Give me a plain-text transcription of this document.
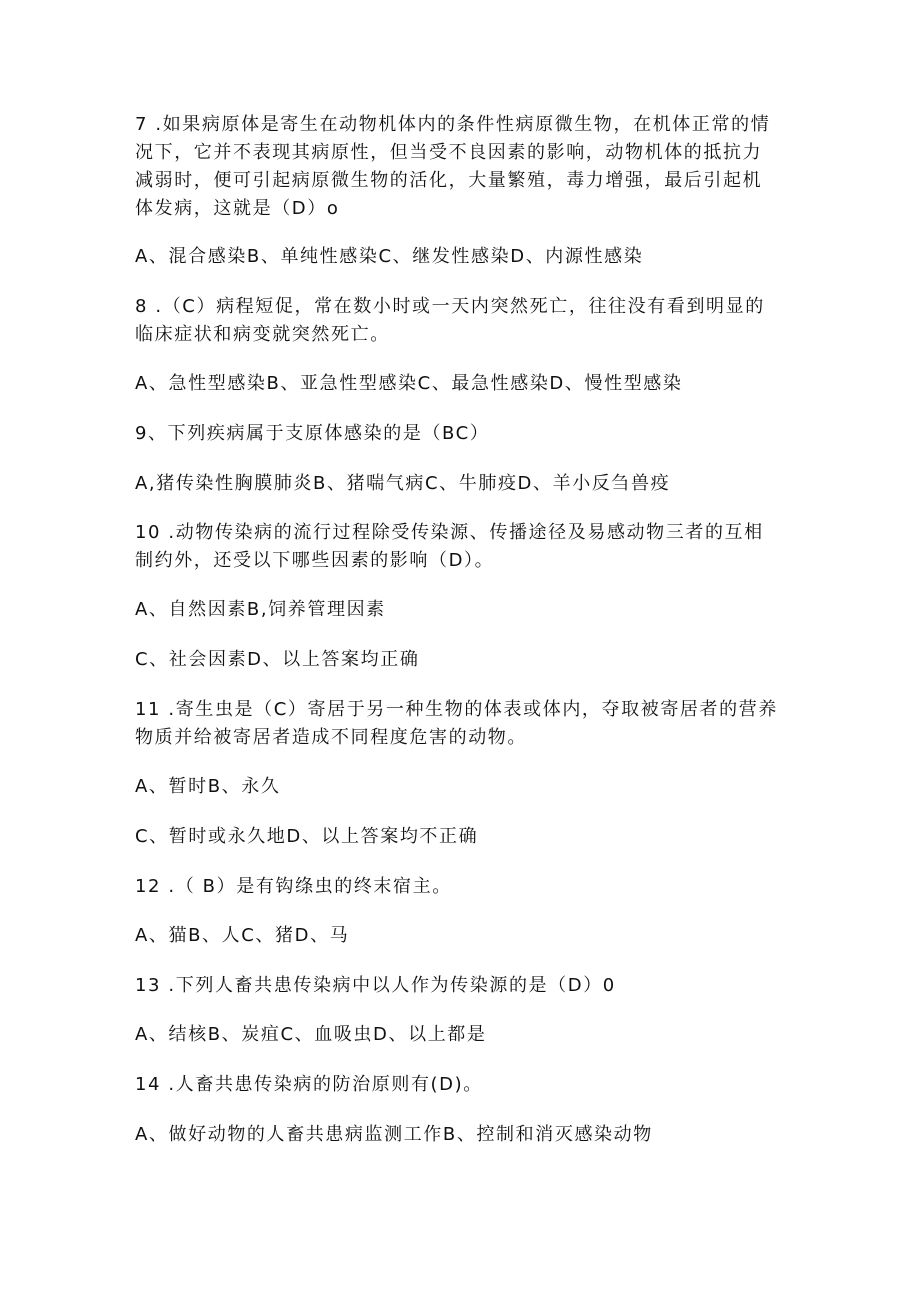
7 .如果病原体是寄生在动物机体内的条件性病原微生物，在机体正常的情
况下，它并不表现其病原性，但当受不良因素的影响，动物机体的抵抗力
减弱时，便可引起病原微生物的活化，大量繁殖，毒力增强，最后引起机
体发病，这就是（D）o
A、混合感染B、单纯性感染C、继发性感染D、内源性感染
8 .（C）病程短促，常在数小时或一天内突然死亡，往往没有看到明显的
临床症状和病变就突然死亡。
A、急性型感染B、亚急性型感染C、最急性感染D、慢性型感染
9、下列疾病属于支原体感染的是（BC）
A,猪传染性胸膜肺炎B、猪喘气病C、牛肺疫D、羊小反刍兽疫
10 .动物传染病的流行过程除受传染源、传播途径及易感动物三者的互相
制约外，还受以下哪些因素的影响（D）。
A、自然因素B,饲养管理因素
C、社会因素D、以上答案均正确
11 .寄生虫是（C）寄居于另一种生物的体表或体内，夺取被寄居者的营养
物质并给被寄居者造成不同程度危害的动物。
A、暂时B、永久
C、暂时或永久地D、以上答案均不正确
12 .（ B）是有钩绦虫的终末宿主。
A、猫B、人C、猪D、马
13 .下列人畜共患传染病中以人作为传染源的是（D）0
A、结核B、炭疽C、血吸虫D、以上都是
14 .人畜共患传染病的防治原则有(D)。
A、做好动物的人畜共患病监测工作B、控制和消灭感染动物
